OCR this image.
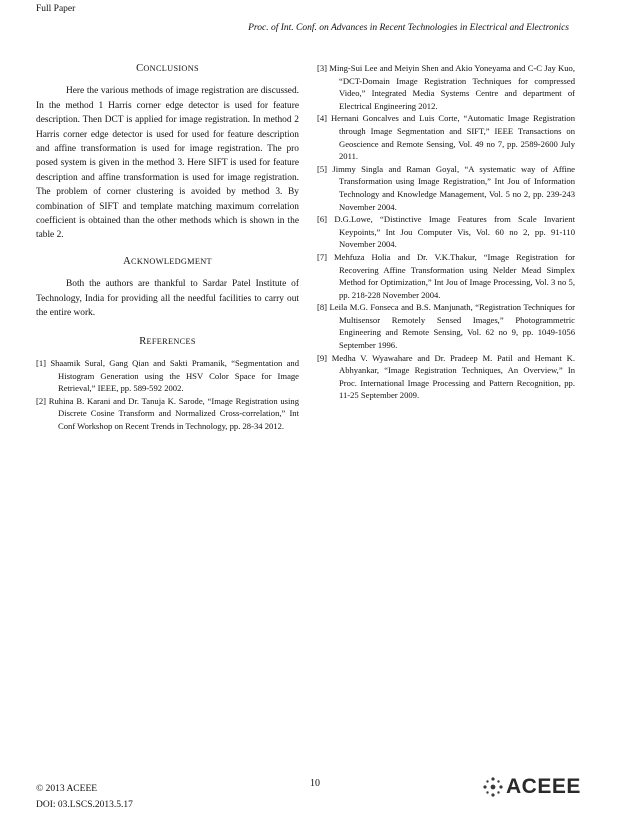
Full Paper
Proc. of Int. Conf. on Advances in Recent Technologies in Electrical and Electronics

CONCLUSIONS

Here the various methods of image registration are discussed. In the method 1 Harris corner edge detector is used for feature description. Then DCT is applied for image registration. In method 2 Harris corner edge detector is used for used for feature description and affine transformation is used for image registration. The pro posed system is given in the method 3. Here SIFT is used for feature description and affine transformation is used for image registration. The problem of corner clustering is avoided by method 3. By combination of SIFT and template matching maximum correlation coefficient is obtained than the other methods which is shown in the table 2.

ACKNOWLEDGMENT

Both the authors are thankful to Sardar Patel Institute of Technology, India for providing all the needful facilities to carry out the entire work.

REFERENCES

[1] Shaamik Sural, Gang Qian and Sakti Pramanik, “Segmentation and Histogram Generation using the HSV Color Space for Image Retrieval,” IEEE, pp. 589-592 2002.

[2] Ruhina B. Karani and Dr. Tanuja K. Sarode, “Image Registration using Discrete Cosine Transform and Normalized Cross-correlation,” Int Conf Workshop on Recent Trends in Technology, pp. 28-34 2012.

[3] Ming-Sui Lee and Meiyin Shen and Akio Yoneyama and C-C Jay Kuo, “DCT-Domain Image Registration Techniques for compressed Video,” Integrated Media Systems Centre and department of Electrical Engineering 2012.

[4] Hernani Goncalves and Luis Corte, “Automatic Image Registration through Image Segmentation and SIFT,” IEEE Transactions on Geoscience and Remote Sensing, Vol. 49 no 7, pp. 2589-2600 July 2011.

[5] Jimmy Singla and Raman Goyal, “A systematic way of Affine Transformation using Image Registration,” Int Jou of Information Technology and Knowledge Management, Vol. 5 no 2, pp. 239-243 November 2004.

[6] D.G.Lowe, “Distinctive Image Features from Scale Invarient Keypoints,” Int Jou Computer Vis, Vol. 60 no 2, pp. 91-110 November 2004.

[7] Mehfuza Holia and Dr. V.K.Thakur, “Image Registration for Recovering Affine Transformation using Nelder Mead Simplex Method for Optimization,” Int Jou of Image Processing, Vol. 3 no 5, pp. 218-228 November 2004.

[8] Leila M.G. Fonseca and B.S. Manjunath, “Registration Techniques for Multisensor Remotely Sensed Images,” Photogrammetric Engineering and Remote Sensing, Vol. 62 no 9, pp. 1049-1056 September 1996.

[9] Medha V. Wyawahare and Dr. Pradeep M. Patil and Hemant K. Abhyankar, “Image Registration Techniques, An Overview,” In Proc. International Image Processing and Pattern Recognition, pp. 11-25 September 2009.

10
© 2013 ACEEE
DOI: 03.LSCS.2013.5.17
ACEEE
